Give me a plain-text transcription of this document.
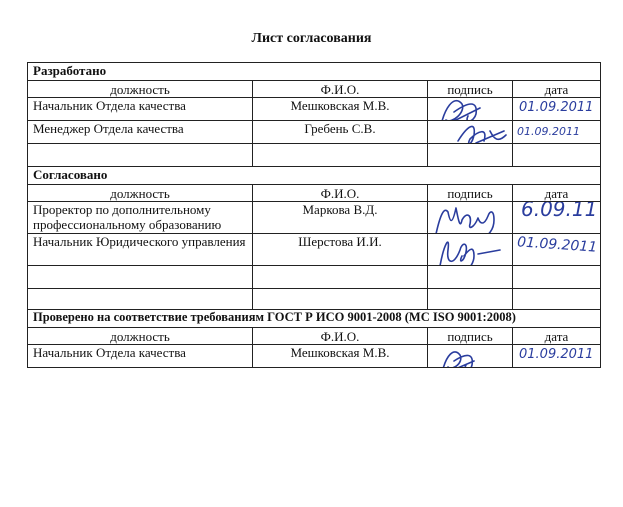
Лист согласования
Разработано			
должность	Ф.И.О.	подпись	дата
Начальник Отдела качества	Мешковская М.В.		01.09.2011

Менеджер Отдела качества	Гребень С.В.		01.09.2011

Согласовано			
должность	Ф.И.О.	подпись	дата
Проректор по дополнительному профессиональному образованию	Маркова В.Д.		6.09.11

Начальник Юридического управления	Шерстова И.И.		01.09.2011

Проверено на соответствие требованиям ГОСТ Р ИСО 9001-2008 (МС ISO 9001:2008)			
должность	Ф.И.О.	подпись	дата
Начальник Отдела качества	Мешковская М.В.		01.09.2011
